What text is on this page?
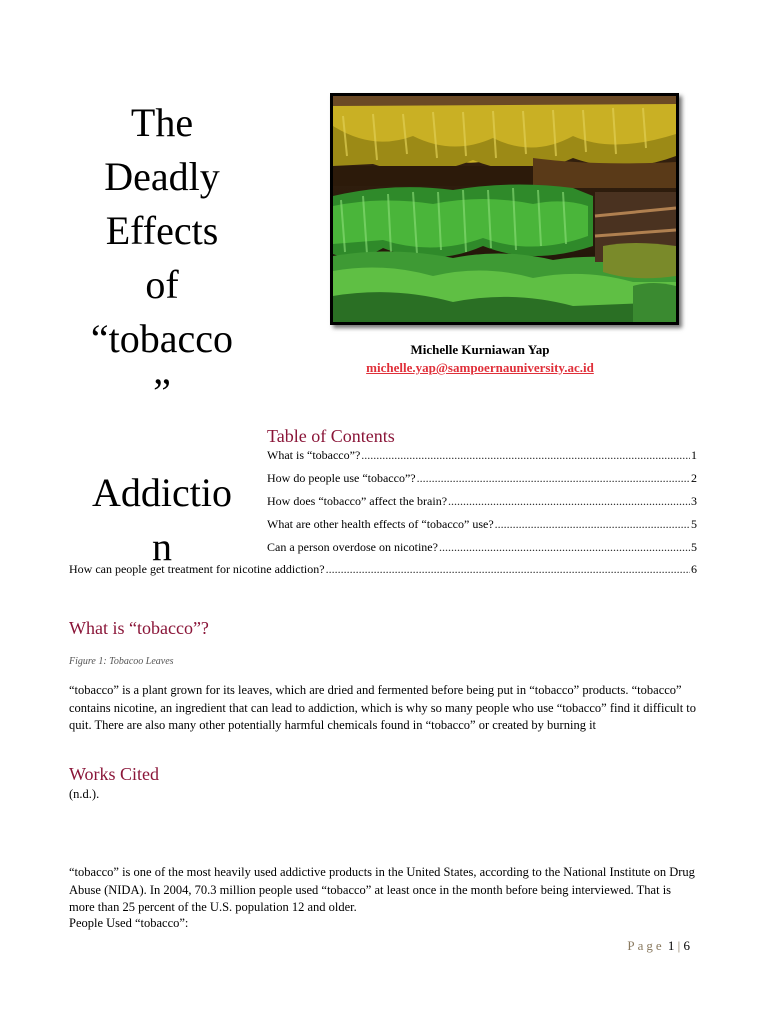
The
Deadly
Effects
of
“tobacco
”
Addictio
n
Michelle Kurniawan Yap
michelle.yap@sampoernauniversity.ac.id
Table of Contents
What is “tobacco”? .....	1
How do people use “tobacco”? .....	2
How does “tobacco” affect the brain? .....	3
What are other health effects of “tobacco” use? .....	5
Can a person overdose on nicotine? .....	5
How can people get treatment for nicotine addiction? .....	6
What is “tobacco”?
Figure 1: Tobacoo Leaves
“tobacco” is a plant grown for its leaves, which are dried and fermented before being put in “tobacco” products. “tobacco” contains nicotine, an ingredient that can lead to addiction, which is why so many people who use “tobacco” find it difficult to quit. There are also many other potentially harmful chemicals found in “tobacco” or created by burning it
Works Cited
(n.d.).
“tobacco” is one of the most heavily used addictive products in the United States, according to the National Institute on Drug Abuse (NIDA). In 2004, 70.3 million people used “tobacco” at least once in the month before being interviewed. That is more than 25 percent of the U.S. population 12 and older.
People Used “tobacco”:
Page 1 | 6
